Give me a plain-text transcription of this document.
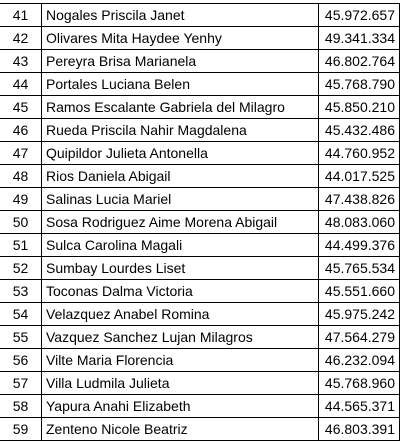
41	Nogales Priscila Janet	45.972.657
42	Olivares Mita Haydee Yenhy	49.341.334
43	Pereyra Brisa Marianela	46.802.764
44	Portales Luciana Belen	45.768.790
45	Ramos Escalante Gabriela del Milagro	45.850.210
46	Rueda Priscila Nahir Magdalena	45.432.486
47	Quipildor Julieta Antonella	44.760.952
48	Rios Daniela Abigail	44.017.525
49	Salinas Lucia Mariel	47.438.826
50	Sosa Rodriguez Aime Morena Abigail	48.083.060
51	Sulca Carolina Magali	44.499.376
52	Sumbay Lourdes Liset	45.765.534
53	Toconas Dalma Victoria	45.551.660
54	Velazquez Anabel Romina	45.975.242
55	Vazquez Sanchez Lujan Milagros	47.564.279
56	Vilte Maria Florencia	46.232.094
57	Villa Ludmila Julieta	45.768.960
58	Yapura Anahi Elizabeth	44.565.371
59	Zenteno Nicole Beatriz	46.803.391
